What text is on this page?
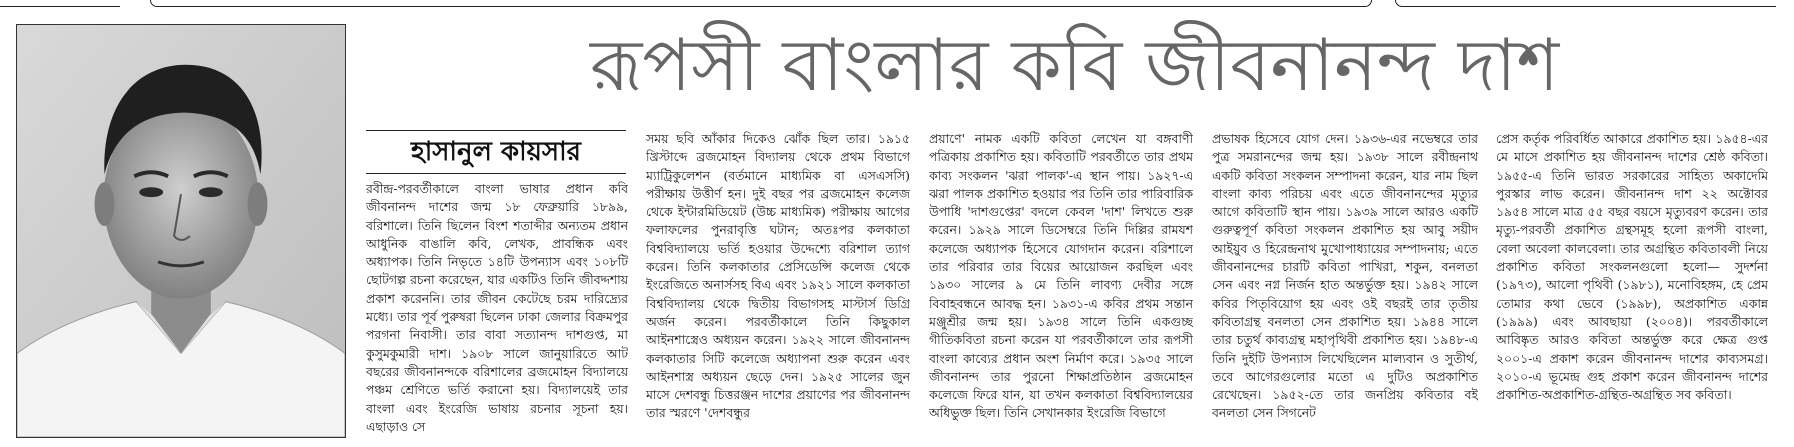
রূপসী বাংলার কবি জীবনানন্দ দাশ
হাসানুল কায়সার

রবীন্দ্র-পরবর্তীকালে বাংলা ভাষার প্রধান কবি জীবনানন্দ দাশের জন্ম ১৮ ফেব্রুয়ারি ১৮৯৯, বরিশালে। তিনি ছিলেন বিংশ শতাব্দীর অন্যতম প্রধান আধুনিক বাঙালি কবি, লেখক, প্রাবন্ধিক এবং অধ্যাপক। তিনি নিভৃতে ১৪টি উপন্যাস এবং ১০৮টি ছোটগল্প রচনা করেছেন, যার একটিও তিনি জীবদ্দশায় প্রকাশ করেননি। তার জীবন কেটেছে চরম দারিদ্র্যের মধ্যে। তার পূর্ব পুরুষরা ছিলেন ঢাকা জেলার বিক্রমপুর পরগনা নিবাসী। তার বাবা সত্যানন্দ দাশগুপ্ত, মা কুসুমকুমারী দাশ। ১৯০৮ সালে জানুয়ারিতে আট বছরের জীবনানন্দকে বরিশালের ব্রজমোহন বিদ্যালয়ে পঞ্চম শ্রেণিতে ভর্তি করানো হয়। বিদ্যালয়েই তার বাংলা এবং ইংরেজি ভাষায় রচনার সূচনা হয়। এছাড়াও সে

সময় ছবি আঁকার দিকেও ঝোঁক ছিল তার। ১৯১৫ খ্রিস্টাব্দে ব্রজমোহন বিদ্যালয় থেকে প্রথম বিভাগে ম্যাট্রিকুলেশন (বর্তমানে মাধ্যমিক বা এসএসসি) পরীক্ষায় উত্তীর্ণ হন। দুই বছর পর ব্রজমোহন কলেজ থেকে ইন্টারমিডিয়েট (উচ্চ মাধ্যমিক) পরীক্ষায় আগের ফলাফলের পুনরাবৃত্তি ঘটান; অতঃপর কলকাতা বিশ্ববিদ্যালয়ে ভর্তি হওয়ার উদ্দেশ্যে বরিশাল ত্যাগ করেন। তিনি কলকাতার প্রেসিডেন্সি কলেজ থেকে ইংরেজিতে অনার্সসহ বিএ এবং ১৯২১ সালে কলকাতা বিশ্ববিদ্যালয় থেকে দ্বিতীয় বিভাগসহ মাস্টার্স ডিগ্রি অর্জন করেন। পরবর্তীকালে তিনি কিছুকাল আইনশাস্ত্রেও অধ্যয়ন করেন। ১৯২২ সালে জীবনানন্দ কলকাতার সিটি কলেজে অধ্যাপনা শুরু করেন এবং আইনশাস্ত্র অধ্যয়ন ছেড়ে দেন। ১৯২৫ সালের জুন মাসে দেশবন্ধু চিত্তরঞ্জন দাশের প্রয়াণের পর জীবনানন্দ তার স্মরণে 'দেশবন্ধুর

প্রয়াণে' নামক একটি কবিতা লেখেন যা বঙ্গবাণী পত্রিকায় প্রকাশিত হয়। কবিতাটি পরবর্তীতে তার প্রথম কাব্য সংকলন 'ঝরা পালক'-এ স্থান পায়। ১৯২৭-এ ঝরা পালক প্রকাশিত হওয়ার পর তিনি তার পারিবারিক উপাধি 'দাশগুপ্তের' বদলে কেবল 'দাশ' লিখতে শুরু করেন। ১৯২৯ সালে ডিসেম্বরে তিনি দিল্লির রামযশ কলেজে অধ্যাপক হিসেবে যোগদান করেন। বরিশালে তার পরিবার তার বিয়ের আয়োজন করছিল এবং ১৯৩০ সালের ৯ মে তিনি লাবণ্য দেবীর সঙ্গে বিবাহবন্ধনে আবদ্ধ হন। ১৯৩১-এ কবির প্রথম সন্তান মঞ্জুশ্রীর জন্ম হয়। ১৯৩৪ সালে তিনি একগুচ্ছ গীতিকবিতা রচনা করেন যা পরবর্তীকালে তার রূপসী বাংলা কাব্যের প্রধান অংশ নির্মাণ করে। ১৯৩৫ সালে জীবনানন্দ তার পুরনো শিক্ষাপ্রতিষ্ঠান ব্রজমোহন কলেজে ফিরে যান, যা তখন কলকাতা বিশ্ববিদ্যালয়ের অধিভুক্ত ছিল। তিনি সেখানকার ইংরেজি বিভাগে

প্রভাষক হিসেবে যোগ দেন। ১৯৩৬-এর নভেম্বরে তার পুত্র সমরানন্দের জন্ম হয়। ১৯৩৮ সালে রবীন্দ্রনাথ একটি কবিতা সংকলন সম্পাদনা করেন, যার নাম ছিল বাংলা কাব্য পরিচয় এবং এতে জীবনানন্দের মৃত্যুর আগে কবিতাটি স্থান পায়। ১৯৩৯ সালে আরও একটি গুরুত্বপূর্ণ কবিতা সংকলন প্রকাশিত হয় আবু সয়ীদ আইয়ুব ও হিরেন্দ্রনাথ মুখোপাধ্যায়ের সম্পাদনায়; এতে জীবনানন্দের চারটি কবিতা পাখিরা, শকুন, বনলতা সেন এবং নগ্ন নির্জন হাত অন্তর্ভুক্ত হয়। ১৯৪২ সালে কবির পিতৃবিয়োগ হয় এবং ওই বছরই তার তৃতীয় কবিতাগ্রন্থ বনলতা সেন প্রকাশিত হয়। ১৯৪৪ সালে তার চতুর্থ কাব্যগ্রন্থ মহাপৃথিবী প্রকাশিত হয়। ১৯৪৮-এ তিনি দুইটি উপন্যাস লিখেছিলেন মাল্যবান ও সুতীর্থ, তবে আগেরগুলোর মতো এ দুটিও অপ্রকাশিত রেখেছেন। ১৯৫২-তে তার জনপ্রিয় কবিতার বই বনলতা সেন সিগনেট

প্রেস কর্তৃক পরিবর্ধিত আকারে প্রকাশিত হয়। ১৯৫৪-এর মে মাসে প্রকাশিত হয় জীবনানন্দ দাশের শ্রেষ্ঠ কবিতা। ১৯৫৫-এ তিনি ভারত সরকারের সাহিত্য অকাদেমি পুরস্কার লাভ করেন। জীবনানন্দ দাশ ২২ অক্টোবর ১৯৫৪ সালে মাত্র ৫৫ বছর বয়সে মৃত্যুবরণ করেন। তার মৃত্যু-পরবর্তী প্রকাশিত গ্রন্থসমূহ হলো রূপসী বাংলা, বেলা অবেলা কালবেলা। তার অগ্রন্থিত কবিতাবলী নিয়ে প্রকাশিত কবিতা সংকলনগুলো হলো— সুদর্শনা (১৯৭৩), আলো পৃথিবী (১৯৮১), মনোবিহঙ্গম, হে প্রেম তোমার কথা ভেবে (১৯৯৮), অপ্রকাশিত একান্ন (১৯৯৯) এবং আবছায়া (২০০৪)। পরবর্তীকালে আবিষ্কৃত আরও কবিতা অন্তর্ভুক্ত করে ক্ষেত্র গুপ্ত ২০০১-এ প্রকাশ করেন জীবনানন্দ দাশের কাব্যসমগ্র। ২০১০-এ ভূমেন্দ্র গুহ প্রকাশ করেন জীবনানন্দ দাশের প্রকাশিত-অপ্রকাশিত-গ্রন্থিত-অগ্রন্থিত সব কবিতা।
